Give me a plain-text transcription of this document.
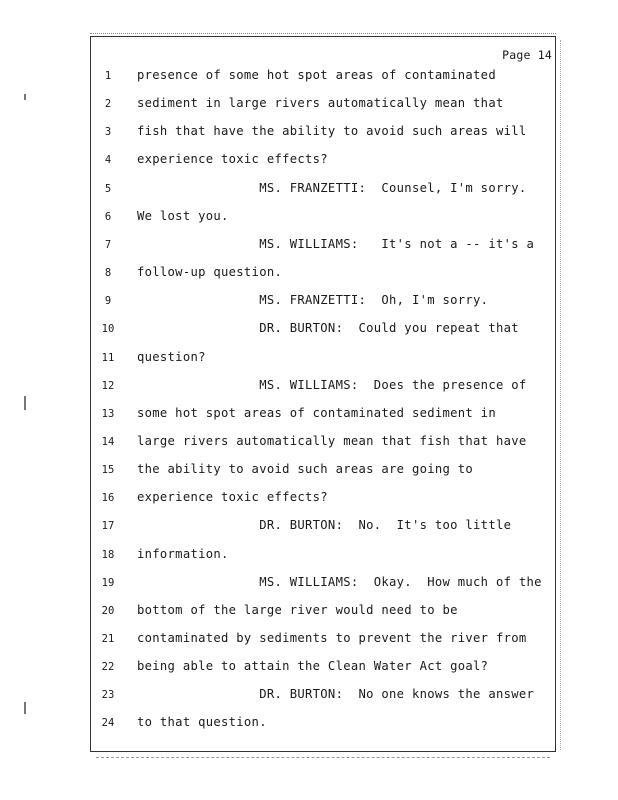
Page 14
1	presence of some hot spot areas of contaminated
2	sediment in large rivers automatically mean that
3	fish that have the ability to avoid such areas will
4	experience toxic effects?
5	MS. FRANZETTI:  Counsel, I'm sorry.
6	We lost you.
7	MS. WILLIAMS:   It's not a -- it's a
8	follow-up question.
9	MS. FRANZETTI:  Oh, I'm sorry.
10	DR. BURTON:  Could you repeat that
11	question?
12	MS. WILLIAMS:  Does the presence of
13	some hot spot areas of contaminated sediment in
14	large rivers automatically mean that fish that have
15	the ability to avoid such areas are going to
16	experience toxic effects?
17	DR. BURTON:  No.  It's too little
18	information.
19	MS. WILLIAMS:  Okay.  How much of the
20	bottom of the large river would need to be
21	contaminated by sediments to prevent the river from
22	being able to attain the Clean Water Act goal?
23	DR. BURTON:  No one knows the answer
24	to that question.
